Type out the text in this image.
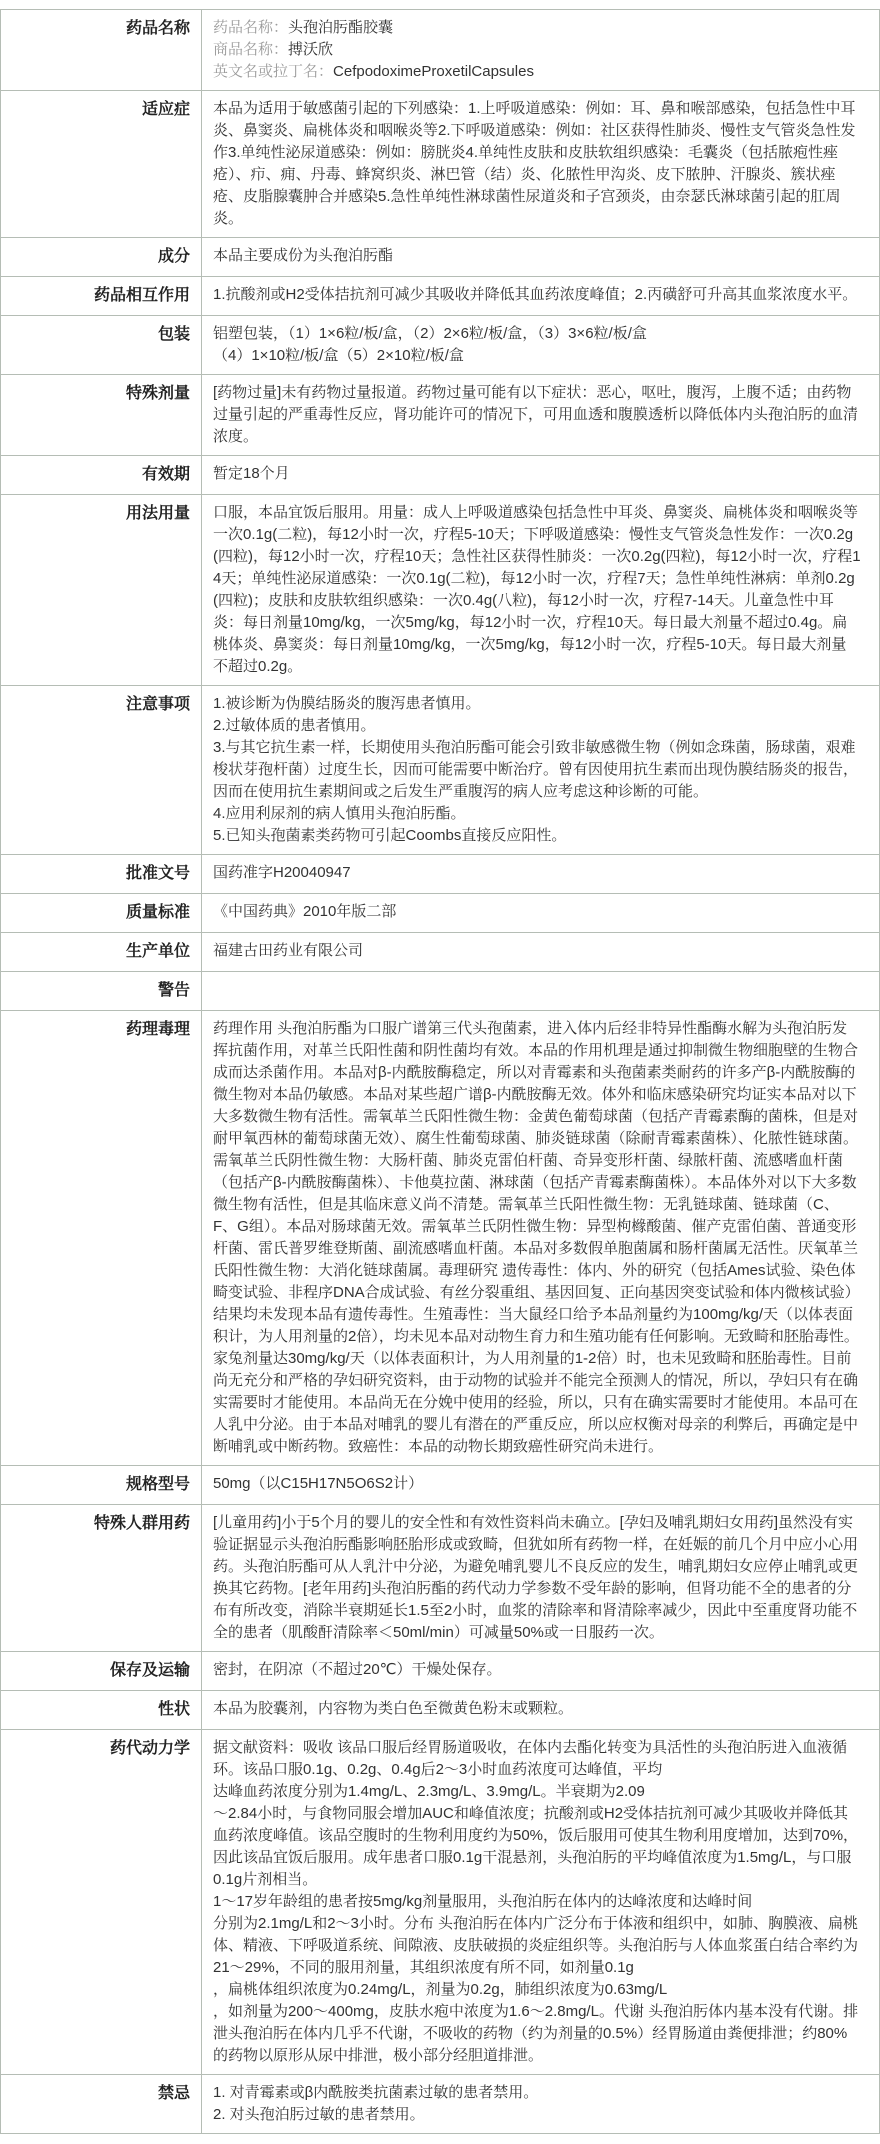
药品名称	药品名称：头孢泊肟酯胶囊
商品名称：搏沃欣
英文名或拉丁名：CefpodoximeProxetilCapsules
适应症	本品为适用于敏感菌引起的下列感染：1.上呼吸道感染：例如：耳、鼻和喉部感染，包括急性中耳炎、鼻窦炎、扁桃体炎和咽喉炎等2.下呼吸道感染：例如：社区获得性肺炎、慢性支气管炎急性发作3.单纯性泌尿道感染：例如：膀胱炎4.单纯性皮肤和皮肤软组织感染：毛囊炎（包括脓疱性痤疮）、疖、痈、丹毒、蜂窝织炎、淋巴管（结）炎、化脓性甲沟炎、皮下脓肿、汗腺炎、簇状痤疮、皮脂腺囊肿合并感染5.急性单纯性淋球菌性尿道炎和子宫颈炎，由奈瑟氏淋球菌引起的肛周炎。
成分	本品主要成份为头孢泊肟酯
药品相互作用	1.抗酸剂或H2受体拮抗剂可减少其吸收并降低其血药浓度峰值；2.丙磺舒可升高其血浆浓度水平。
包装	铝塑包装，（1）1×6粒/板/盒，（2）2×6粒/板/盒，（3）3×6粒/板/盒
（4）1×10粒/板/盒（5）2×10粒/板/盒
特殊剂量	[药物过量]未有药物过量报道。药物过量可能有以下症状：恶心，呕吐，腹泻，上腹不适；由药物过量引起的严重毒性反应，肾功能许可的情况下，可用血透和腹膜透析以降低体内头孢泊肟的血清浓度。
有效期	暂定18个月
用法用量	口服，本品宜饭后服用。用量：成人上呼吸道感染包括急性中耳炎、鼻窦炎、扁桃体炎和咽喉炎等一次0.1g(二粒)，每12小时一次，疗程5-10天；下呼吸道感染：慢性支气管炎急性发作：一次0.2g(四粒)，每12小时一次，疗程10天；急性社区获得性肺炎：一次0.2g(四粒)，每12小时一次，疗程14天；单纯性泌尿道感染：一次0.1g(二粒)，每12小时一次，疗程7天；急性单纯性淋病：单剂0.2g(四粒)；皮肤和皮肤软组织感染：一次0.4g(八粒)，每12小时一次，疗程7-14天。儿童急性中耳炎：每日剂量10mg/kg，一次5mg/kg，每12小时一次，疗程10天。每日最大剂量不超过0.4g。扁桃体炎、鼻窦炎：每日剂量10mg/kg，一次5mg/kg，每12小时一次，疗程5-10天。每日最大剂量不超过0.2g。
注意事项	1.被诊断为伪膜结肠炎的腹泻患者慎用。
2.过敏体质的患者慎用。
3.与其它抗生素一样，长期使用头孢泊肟酯可能会引致非敏感微生物（例如念珠菌，肠球菌，艰难梭状芽孢杆菌）过度生长，因而可能需要中断治疗。曾有因使用抗生素而出现伪膜结肠炎的报告，因而在使用抗生素期间或之后发生严重腹泻的病人应考虑这种诊断的可能。
4.应用利尿剂的病人慎用头孢泊肟酯。
5.已知头孢菌素类药物可引起Coombs直接反应阳性。
批准文号	国药准字H20040947
质量标准	《中国药典》2010年版二部
生产单位	福建古田药业有限公司
警告
药理毒理	药理作用 头孢泊肟酯为口服广谱第三代头孢菌素，进入体内后经非特异性酯酶水解为头孢泊肟发挥抗菌作用，对革兰氏阳性菌和阴性菌均有效。本品的作用机理是通过抑制微生物细胞壁的生物合成而达杀菌作用。本品对β-内酰胺酶稳定，所以对青霉素和头孢菌素类耐药的许多产β-内酰胺酶的微生物对本品仍敏感。本品对某些超广谱β-内酰胺酶无效。体外和临床感染研究均证实本品对以下大多数微生物有活性。需氧革兰氏阳性微生物：金黄色葡萄球菌（包括产青霉素酶的菌株，但是对耐甲氧西林的葡萄球菌无效）、腐生性葡萄球菌、肺炎链球菌（除耐青霉素菌株）、化脓性链球菌。需氧革兰氏阴性微生物：大肠杆菌、肺炎克雷伯杆菌、奇异变形杆菌、绿脓杆菌、流感嗜血杆菌（包括产β-内酰胺酶菌株）、卡他莫拉菌、淋球菌（包括产青霉素酶菌株）。本品体外对以下大多数微生物有活性，但是其临床意义尚不清楚。需氧革兰氏阳性微生物：无乳链球菌、链球菌（C、F、G组）。本品对肠球菌无效。需氧革兰氏阴性微生物：异型枸橼酸菌、催产克雷伯菌、普通变形杆菌、雷氏普罗维登斯菌、副流感嗜血杆菌。本品对多数假单胞菌属和肠杆菌属无活性。厌氧革兰氏阳性微生物：大消化链球菌属。毒理研究 遗传毒性：体内、外的研究（包括Ames试验、染色体畸变试验、非程序DNA合成试验、有丝分裂重组、基因回复、正向基因突变试验和体内微核试验）结果均未发现本品有遗传毒性。生殖毒性：当大鼠经口给予本品剂量约为100mg/kg/天（以体表面积计，为人用剂量的2倍），均未见本品对动物生育力和生殖功能有任何影响。无致畸和胚胎毒性。家兔剂量达30mg/kg/天（以体表面积计，为人用剂量的1-2倍）时，也未见致畸和胚胎毒性。目前尚无充分和严格的孕妇研究资料，由于动物的试验并不能完全预测人的情况，所以，孕妇只有在确实需要时才能使用。本品尚无在分娩中使用的经验，所以，只有在确实需要时才能使用。本品可在人乳中分泌。由于本品对哺乳的婴儿有潜在的严重反应，所以应权衡对母亲的利弊后，再确定是中断哺乳或中断药物。致癌性：本品的动物长期致癌性研究尚未进行。
规格型号	50mg（以C15H17N5O6S2计）
特殊人群用药	[儿童用药]小于5个月的婴儿的安全性和有效性资料尚未确立。[孕妇及哺乳期妇女用药]虽然没有实验证据显示头孢泊肟酯影响胚胎形成或致畸，但犹如所有药物一样，在妊娠的前几个月中应小心用药。头孢泊肟酯可从人乳汁中分泌，为避免哺乳婴儿不良反应的发生，哺乳期妇女应停止哺乳或更换其它药物。[老年用药]头孢泊肟酯的药代动力学参数不受年龄的影响，但肾功能不全的患者的分布有所改变，消除半衰期延长1.5至2小时，血浆的清除率和肾清除率减少，因此中至重度肾功能不全的患者（肌酸酐清除率＜50ml/min）可减量50%或一日服药一次。
保存及运输	密封，在阴凉（不超过20℃）干燥处保存。
性状	本品为胶囊剂，内容物为类白色至微黄色粉末或颗粒。
药代动力学	据文献资料：吸收 该品口服后经胃肠道吸收，在体内去酯化转变为具活性的头孢泊肟进入血液循环。该品口服0.1g、0.2g、0.4g后2～3小时血药浓度可达峰值，平均
达峰血药浓度分别为1.4mg/L、2.3mg/L、3.9mg/L。半衰期为2.09
～2.84小时，与食物同服会增加AUC和峰值浓度；抗酸剂或H2受体拮抗剂可减少其吸收并降低其血药浓度峰值。该品空腹时的生物利用度约为50%，饭后服用可使其生物利用度增加，达到70%，因此该品宜饭后服用。成年患者口服0.1g干混悬剂，头孢泊肟的平均峰值浓度为1.5mg/L，与口服0.1g片剂相当。
1～17岁年龄组的患者按5mg/kg剂量服用，头孢泊肟在体内的达峰浓度和达峰时间
分别为2.1mg/L和2～3小时。分布 头孢泊肟在体内广泛分布于体液和组织中，如肺、胸膜液、扁桃体、精液、下呼吸道系统、间隙液、皮肤破损的炎症组织等。头孢泊肟与人体血浆蛋白结合率约为21～29%，不同的服用剂量，其组织浓度有所不同，如剂量0.1g
，扁桃体组织浓度为0.24mg/L，剂量为0.2g，肺组织浓度为0.63mg/L
，如剂量为200～400mg，皮肤水疱中浓度为1.6～2.8mg/L。代谢 头孢泊肟体内基本没有代谢。排泄头孢泊肟在体内几乎不代谢，不吸收的药物（约为剂量的0.5%）经胃肠道由粪便排泄；约80%的药物以原形从尿中排泄，极小部分经胆道排泄。
禁忌	1. 对青霉素或β内酰胺类抗菌素过敏的患者禁用。
2. 对头孢泊肟过敏的患者禁用。
